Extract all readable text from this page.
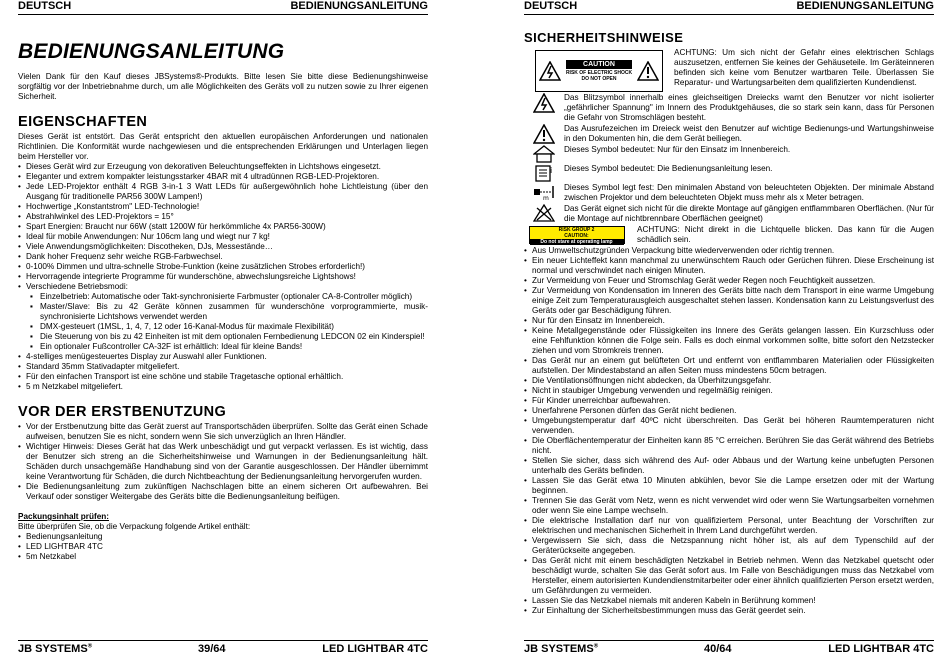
DEUTSCH	BEDIENUNGSANLEITUNG
BEDIENUNGSANLEITUNG

Vielen Dank für den Kauf dieses JBSystems®-Produkts. Bitte lesen Sie bitte diese Bedienungshinweise sorgfältig vor der Inbetriebnahme durch, um alle Möglichkeiten des Geräts voll zu nutzen sowie zu Ihrer eigenen Sicherheit.

EIGENSCHAFTEN

Dieses Gerät ist entstört. Das Gerät entspricht den aktuellen europäischen Anforderungen und nationalen Richtlinien. Die Konformität wurde nachgewiesen und die entsprechenden Erklärungen und Unterlagen liegen beim Hersteller vor.

• Dieses Gerät wird zur Erzeugung von dekorativen Beleuchtungseffekten in Lichtshows eingesetzt.
• Eleganter und extrem kompakter leistungsstarker 4BAR mit 4 ultradünnen RGB-LED-Projektoren.
• Jede LED-Projektor enthält 4 RGB 3-in-1 3 Watt LEDs für außergewöhnlich hohe Lichtleistung (über den Ausgang für traditionelle PAR56 300W Lampen!)
• Hochwertige „Konstantstrom" LED-Technologie!
• Abstrahlwinkel des LED-Projektors = 15°
• Spart Energien: Braucht nur 66W (statt 1200W für herkömmliche 4x PAR56-300W)
• Ideal für mobile Anwendungen: Nur 106cm lang und wiegt nur 7 kg!
• Viele Anwendungsmöglichkeiten: Discotheken, DJs, Messestände…
• Dank hoher Frequenz sehr weiche RGB-Farbwechsel.
• 0-100% Dimmen und ultra-schnelle Strobe-Funktion (keine zusätzlichen Strobes erforderlich!)
• Hervorragende integrierte Programme für wunderschöne, abwechslungsreiche Lightshows!
• Verschiedene Betriebsmodi:
▪ Einzelbetrieb: Automatische oder Takt-synchronisierte Farbmuster (optionaler CA-8-Controller möglich)
▪ Master/Slave: Bis zu 42 Geräte können zusammen für wunderschöne vorprogrammierte, musik-synchronisierte Lichtshows verwendet werden
▪ DMX-gesteuert (1MSL, 1, 4, 7, 12 oder 16-Kanal-Modus für maximale Flexibilität)
▪ Die Steuerung von bis zu 42 Einheiten ist mit dem optionalen Fernbedienung LEDCON 02 ein Kinderspiel!
▪ Ein optionaler Fußcontroller CA-32F ist erhältlich: Ideal für kleine Bands!
• 4-stelliges menügesteuertes Display zur Auswahl aller Funktionen.
• Standard 35mm Stativadapter mitgeliefert.
• Für den einfachen Transport ist eine schöne und stabile Tragetasche optional erhältlich.
• 5 m Netzkabel mitgeliefert.
VOR DER ERSTBENUTZUNG
• Vor der Erstbenutzung bitte das Gerät zuerst auf Transportschäden überprüfen. Sollte das Gerät einen Schade aufweisen, benutzen Sie es nicht, sondern wenn Sie sich unverzüglich an Ihren Händler.
• Wichtiger Hinweis: Dieses Gerät hat das Werk unbeschädigt und gut verpackt verlassen. Es ist wichtig, dass der Benutzer sich streng an die Sicherheitshinweise und Warnungen in der Bedienungsanleitung hält. Schäden durch unsachgemäße Handhabung sind von der Garantie ausgeschlossen. Der Händler übernimmt keine Verantwortung für Schäden, die durch Nichtbeachtung der Bedienungsanleitung hervorgerufen wurden.
• Die Bedienungsanleitung zum zukünftigen Nachschlagen bitte an einem sicheren Ort aufbewahren. Bei Verkauf oder sonstiger Weitergabe des Geräts bitte die Bedienungsanleitung beifügen.

Packungsinhalt prüfen:

Bitte überprüfen Sie, ob die Verpackung folgende Artikel enthält:

• Bedienungsanleitung
• LED LIGHTBAR 4TC
• 5m Netzkabel
JB SYSTEMS®	39/64	LED LIGHTBAR 4TC
DEUTSCH	BEDIENUNGSANLEITUNG
SICHERHEITSHINWEISE
CAUTION
RISK OF ELECTRIC SHOCK
DO NOT OPEN

ACHTUNG: Um sich nicht der Gefahr eines elektrischen Schlags auszusetzen, entfernen Sie keines der Gehäuseteile. Im Geräteinneren befinden sich keine vom Benutzer wartbaren Teile. Überlassen Sie Reparatur- und Wartungsarbeiten dem qualifizierten Kundendienst.

Das Blitzsymbol innerhalb eines gleichseitigen Dreiecks warnt den Benutzer vor nicht isolierter „gefährlicher Spannung" im Innern des Produktgehäuses, die so stark sein kann, dass für Personen die Gefahr von Stromschlägen besteht.

Das Ausrufezeichen im Dreieck weist den Benutzer auf wichtige Bedienungs-und Wartungshinweise in den Dokumenten hin, die dem Gerät beiliegen.

Dieses Symbol bedeutet: Nur für den Einsatz im Innenbereich.

i Dieses Symbol bedeutet: Die Bedienungsanleitung lesen.

m

Dieses Symbol legt fest: Den minimalen Abstand von beleuchteten Objekten. Der minimale Abstand zwischen Projektor und dem beleuchteten Objekt muss mehr als x Meter betragen.

Das Gerät eignet sich nicht für die direkte Montage auf gängigen entflammbaren Oberflächen. (Nur für die Montage auf nichtbrennbare Oberflächen geeignet)

RISK GROUP 2
CAUTION:
Do not stare at operating lamp

ACHTUNG: Nicht direkt in die Lichtquelle blicken. Das kann für die Augen schädlich sein.

• Aus Umweltschutzgründen Verpackung bitte wiederverwenden oder richtig trennen.
• Ein neuer Lichteffekt kann manchmal zu unerwünschtem Rauch oder Gerüchen führen. Diese Erscheinung ist normal und verschwindet nach einigen Minuten.
• Zur Vermeidung von Feuer und Stromschlag Gerät weder Regen noch Feuchtigkeit aussetzen.
• Zur Vermeidung von Kondensation im Inneren des Geräts bitte nach dem Transport in eine warme Umgebung einige Zeit zum Temperaturausgleich ausgeschaltet stehen lassen. Kondensation kann zu Leistungsverlust des Geräts oder gar Beschädigung führen.
• Nur für den Einsatz im Innenbereich.
• Keine Metallgegenstände oder Flüssigkeiten ins Innere des Geräts gelangen lassen. Ein Kurzschluss oder eine Fehlfunktion können die Folge sein. Falls es doch einmal vorkommen sollte, bitte sofort den Netzstecker ziehen und vom Stromkreis trennen.
• Das Gerät nur an einem gut belüfteten Ort und entfernt von entflammbaren Materialien oder Flüssigkeiten aufstellen. Der Mindestabstand an allen Seiten muss mindestens 50cm betragen.
• Die Ventilationsöffnungen nicht abdecken, da Überhitzungsgefahr.
• Nicht in staubiger Umgebung verwenden und regelmäßig reinigen.
• Für Kinder unerreichbar aufbewahren.
• Unerfahrene Personen dürfen das Gerät nicht bedienen.
• Umgebungstemperatur darf 40ºC nicht überschreiten. Das Gerät bei höheren Raumtemperaturen nicht verwenden.
• Die Oberflächentemperatur der Einheiten kann 85 °C erreichen. Berühren Sie das Gerät während des Betriebs nicht.
• Stellen Sie sicher, dass sich während des Auf- oder Abbaus und der Wartung keine unbefugten Personen unterhalb des Geräts befinden.
• Lassen Sie das Gerät etwa 10 Minuten abkühlen, bevor Sie die Lampe ersetzen oder mit der Wartung beginnen.
• Trennen Sie das Gerät vom Netz, wenn es nicht verwendet wird oder wenn Sie Wartungsarbeiten vornehmen oder wenn Sie eine Lampe wechseln.
• Die elektrische Installation darf nur von qualifiziertem Personal, unter Beachtung der Vorschriften zur elektrischen und mechanischen Sicherheit in Ihrem Land durchgeführt werden.
• Vergewissern Sie sich, dass die Netzspannung nicht höher ist, als auf dem Typenschild auf der Geräterückseite angegeben.
• Das Gerät nicht mit einem beschädigten Netzkabel in Betrieb nehmen. Wenn das Netzkabel quetscht oder beschädigt wurde, schalten Sie das Gerät sofort aus. Im Falle von Beschädigungen muss das Netzkabel vom Hersteller, einem autorisierten Kundendienstmitarbeiter oder einer ähnlich qualifizierten Person ersetzt werden, um Gefährdungen zu vermeiden.
• Lassen Sie das Netzkabel niemals mit anderen Kabeln in Berührung kommen!
• Zur Einhaltung der Sicherheitsbestimmungen muss das Gerät geerdet sein.
JB SYSTEMS®	40/64	LED LIGHTBAR 4TC
